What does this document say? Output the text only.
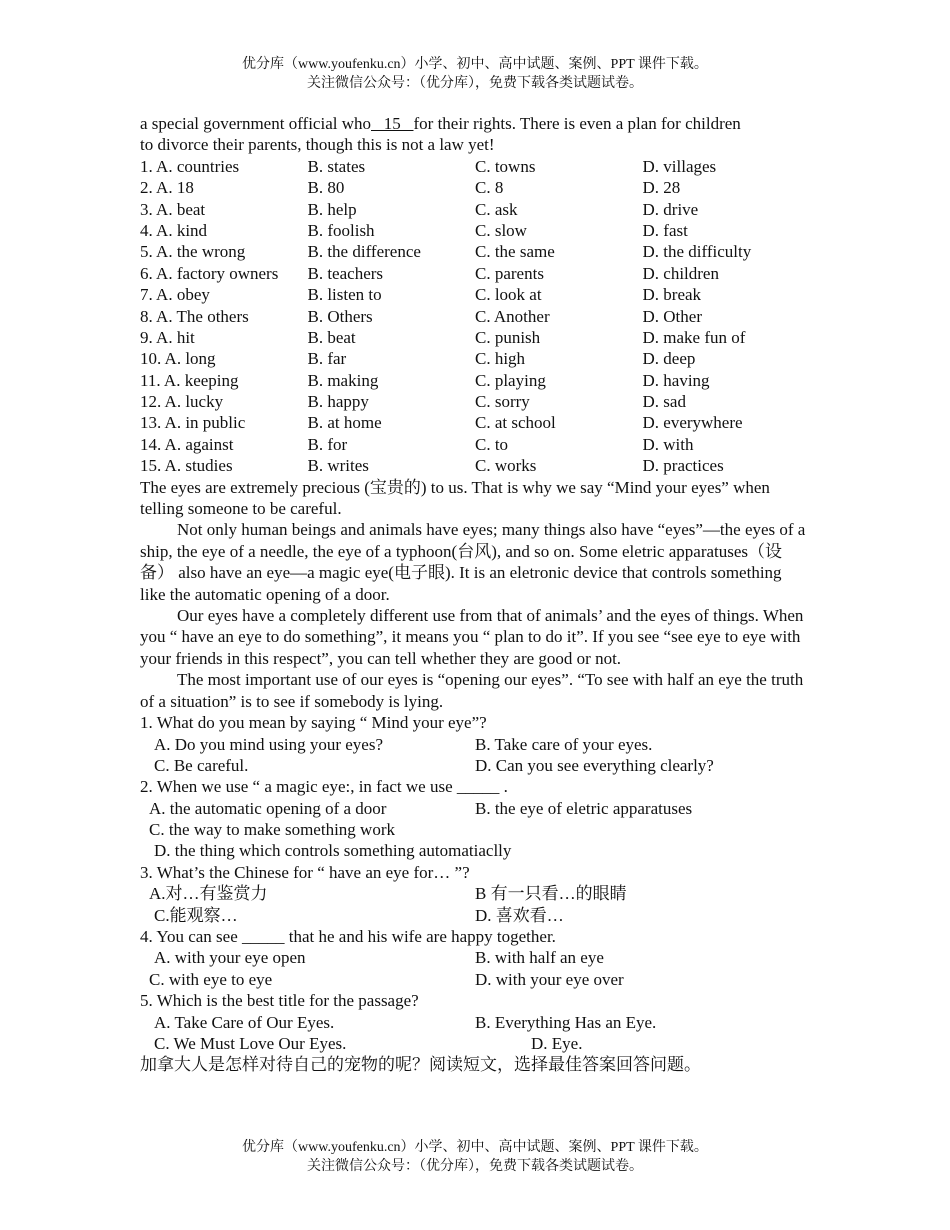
优分库（www.youfenku.cn）小学、初中、高中试题、案例、PPT 课件下载。
关注微信公众号：（优分库），免费下载各类试题试卷。
a special government official who   15   for their rights. There is even a plan for children
to divorce their parents, though this is not a law yet!
1. A. countries	B. states	C. towns	D. villages
2. A. 18	B. 80	C. 8	D. 28
3. A. beat	B. help	C. ask	D. drive
4. A. kind	B. foolish	C. slow	D. fast
5. A. the wrong	B. the difference	C. the same	D. the difficulty
6. A. factory owners	B. teachers	C. parents	D. children
7. A. obey	B. listen to	C. look at	D. break
8. A. The others	B. Others	C. Another	D. Other
9. A. hit	B. beat	C. punish	D. make fun of
10. A. long	B. far	C. high	D. deep
11. A. keeping	B. making	C. playing	D. having
12. A. lucky	B. happy	C. sorry	D. sad
13. A. in public	B. at home	C. at school	D. everywhere
14. A. against	B. for	C. to	D. with
15. A. studies	B. writes	C. works	D. practices
The eyes are extremely precious (宝贵的) to us. That is why we say “Mind your eyes” when telling someone to be careful.
Not only human beings and animals have eyes; many things also have “eyes”—the eyes of a ship, the eye of a needle, the eye of a typhoon(台风), and so on. Some eletric apparatuses（设备） also have an eye—a magic eye(电子眼). It is an eletronic device that controls something like the automatic opening of a door.
Our eyes have a completely different use from that of animals’ and the eyes of things. When you “ have an eye to do something”, it means you “ plan to do it”. If you see “see eye to eye with your friends in this respect”, you can tell whether they are good or not.
The most important use of our eyes is “opening our eyes”. “To see with half an eye the truth of a situation” is to see if somebody is lying.
1. What do you mean by saying “ Mind your eye”?
A. Do you mind using your eyes?	B. Take care of your eyes.
C. Be careful.	D. Can you see everything clearly?
2. When we use “ a magic eye:, in fact we use _____ .
A. the automatic opening of a door	B. the eye of eletric apparatuses
C. the way to make something work
D. the thing which controls something automatiaclly
3. What’s the Chinese for “ have an eye for… ”?
A.对…有鉴赏力	B 有一只看…的眼睛
C.能观察…	D. 喜欢看…
4. You can see _____ that he and his wife are happy together.
A. with your eye open	B. with half an eye
C. with eye to eye	D. with your eye over
5. Which is the best title for the passage?
A. Take Care of Our Eyes.	B. Everything Has an Eye.
C. We Must Love Our Eyes.	D. Eye.
加拿大人是怎样对待自己的宠物的呢？阅读短文，选择最佳答案回答问题。
优分库（www.youfenku.cn）小学、初中、高中试题、案例、PPT 课件下载。
关注微信公众号：（优分库），免费下载各类试题试卷。
